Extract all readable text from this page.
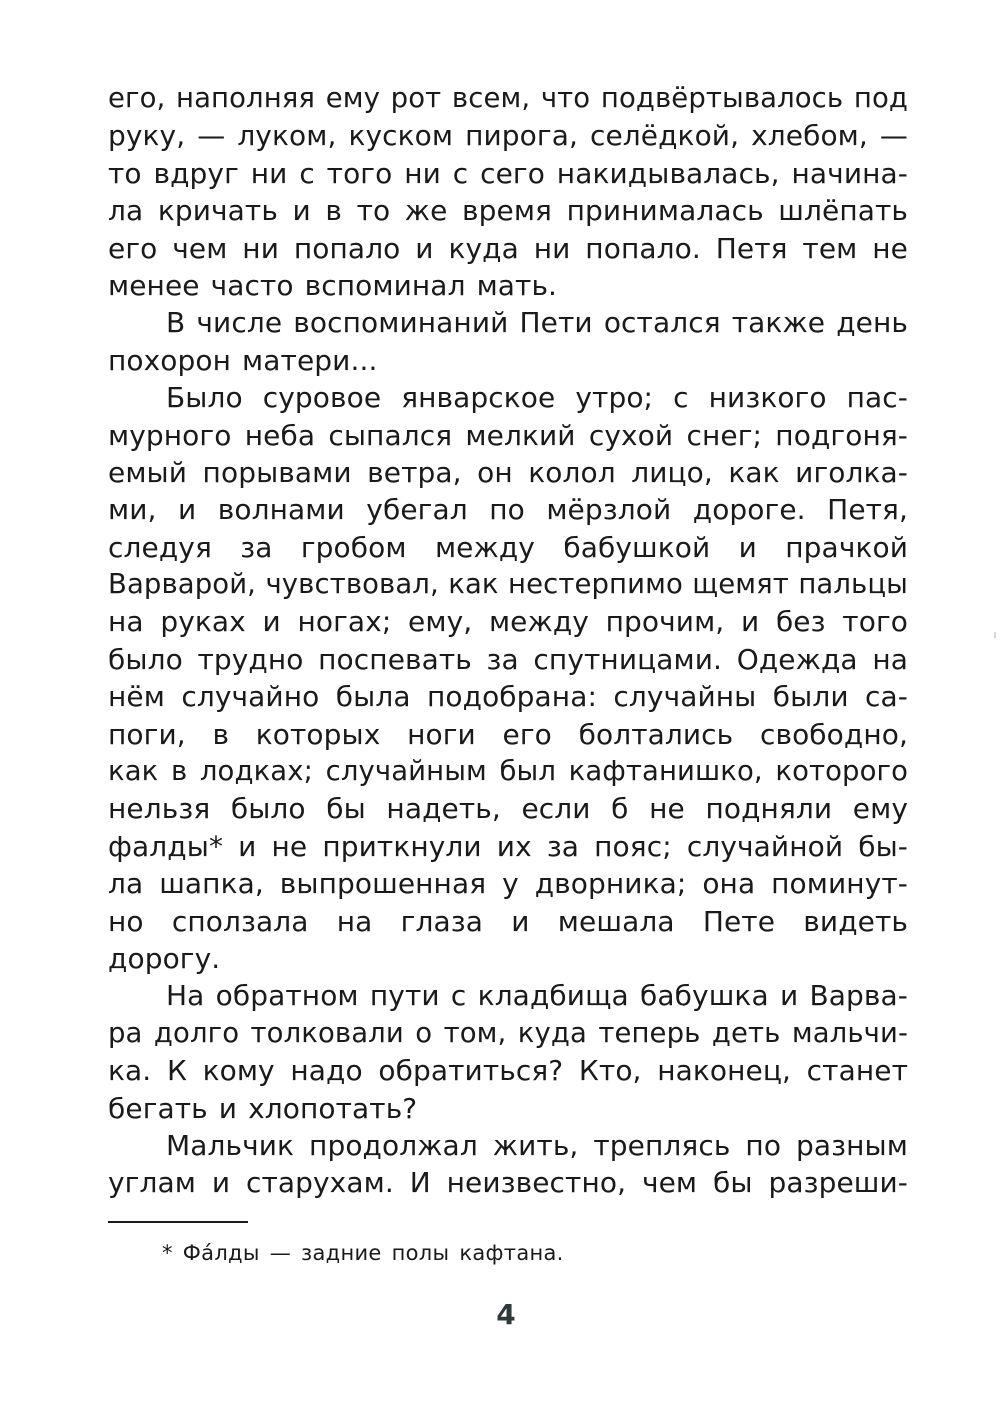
его, наполняя ему рот всем, что подвёртывалось под
руку, — луком, куском пирога, селёдкой, хлебом, —
то вдруг ни с того ни с сего накидывалась, начина-
ла кричать и в то же время принималась шлёпать
его чем ни попало и куда ни попало. Петя тем не
менее часто вспоминал мать.
В числе воспоминаний Пети остался также день
похорон матери...
Было суровое январское утро; с низкого пас-
мурного неба сыпался мелкий сухой снег; подгоня-
емый порывами ветра, он колол лицо, как иголка-
ми, и волнами убегал по мёрзлой дороге. Петя,
следуя за гробом между бабушкой и прачкой
Варварой, чувствовал, как нестерпимо щемят пальцы
на руках и ногах; ему, между прочим, и без того
было трудно поспевать за спутницами. Одежда на
нём случайно была подобрана: случайны были са-
поги, в которых ноги его болтались свободно,
как в лодках; случайным был кафтанишко, которого
нельзя было бы надеть, если б не подняли ему
фалды* и не приткнули их за пояс; случайной бы-
ла шапка, выпрошенная у дворника; она поминут-
но сползала на глаза и мешала Пете видеть
дорогу.
На обратном пути с кладбища бабушка и Варва-
ра долго толковали о том, куда теперь деть мальчи-
ка. К кому надо обратиться? Кто, наконец, станет
бегать и хлопотать?
Мальчик продолжал жить, треплясь по разным
углам и старухам. И неизвестно, чем бы разреши-
* Фа́лды — задние полы кафтана.
4
